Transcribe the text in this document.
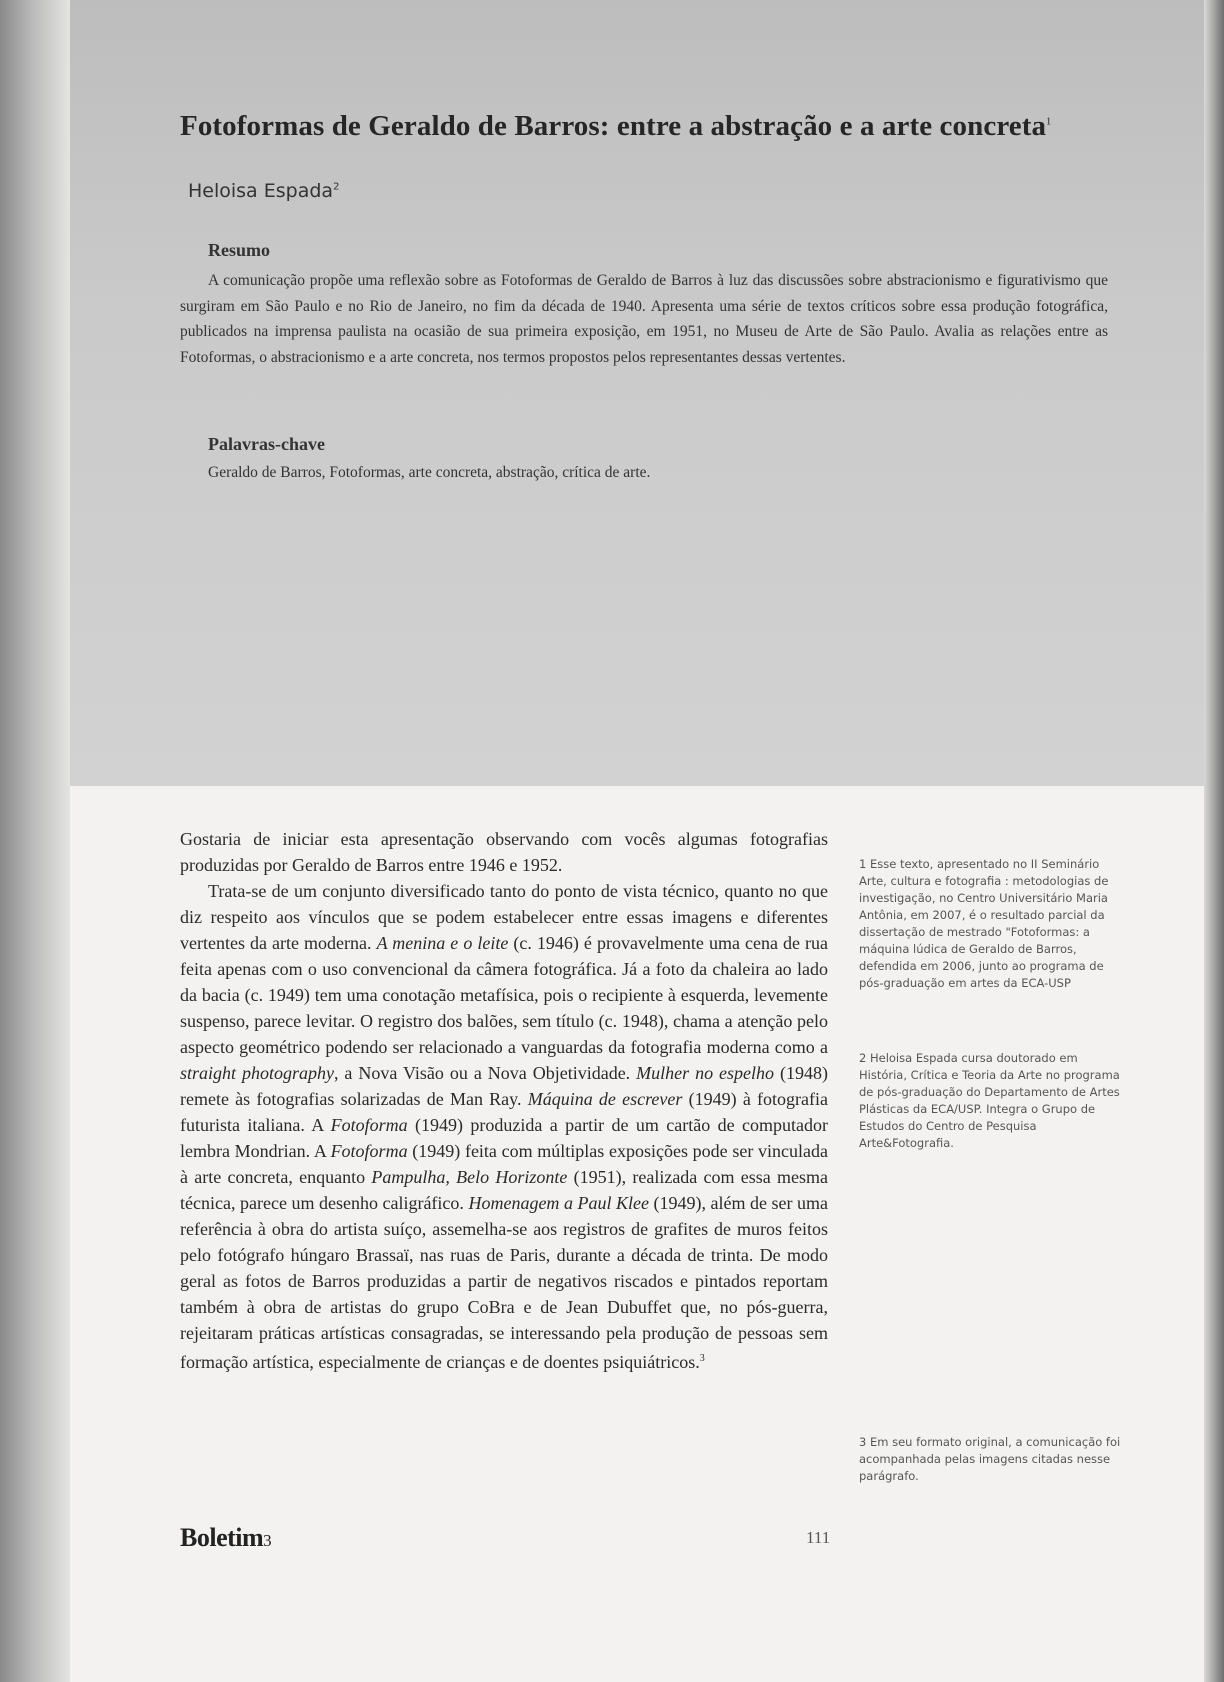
Fotoformas de Geraldo de Barros: entre a abstração e a arte concreta$^1$
Heloisa Espada$^2$
Resumo

A comunicação propõe uma reflexão sobre as Fotoformas de Geraldo de Barros à luz das discussões sobre abstracionismo e figurativismo que surgiram em São Paulo e no Rio de Janeiro, no fim da década de 1940. Apresenta uma série de textos críticos sobre essa produção fotográfica, publicados na imprensa paulista na ocasião de sua primeira exposição, em 1951, no Museu de Arte de São Paulo. Avalia as relações entre as Fotoformas, o abstracionismo e a arte concreta, nos termos propostos pelos representantes dessas vertentes.

Palavras-chave

Geraldo de Barros, Fotoformas, arte concreta, abstração, crítica de arte.

Gostaria de iniciar esta apresentação observando com vocês algumas fotografias produzidas por Geraldo de Barros entre 1946 e 1952.

Trata-se de um conjunto diversificado tanto do ponto de vista técnico, quanto no que diz respeito aos vínculos que se podem estabelecer entre essas imagens e diferentes vertentes da arte moderna. A menina e o leite (c. 1946) é provavelmente uma cena de rua feita apenas com o uso convencional da câmera fotográfica. Já a foto da chaleira ao lado da bacia (c. 1949) tem uma conotação metafísica, pois o recipiente à esquerda, levemente suspenso, parece levitar. O registro dos balões, sem título (c. 1948), chama a atenção pelo aspecto geométrico podendo ser relacionado a vanguardas da fotografia moderna como a straight photography, a Nova Visão ou a Nova Objetividade. Mulher no espelho (1948) remete às fotografias solarizadas de Man Ray. Máquina de escrever (1949) à fotografia futurista italiana. A Fotoforma (1949) produzida a partir de um cartão de computador lembra Mondrian. A Fotoforma (1949) feita com múltiplas exposições pode ser vinculada à arte concreta, enquanto Pampulha, Belo Horizonte (1951), realizada com essa mesma técnica, parece um desenho caligráfico. Homenagem a Paul Klee (1949), além de ser uma referência à obra do artista suíço, assemelha-se aos registros de grafites de muros feitos pelo fotógrafo húngaro Brassaï, nas ruas de Paris, durante a década de trinta. De modo geral as fotos de Barros produzidas a partir de negativos riscados e pintados reportam também à obra de artistas do grupo CoBra e de Jean Dubuffet que, no pós-guerra, rejeitaram práticas artísticas consagradas, se interessando pela produção de pessoas sem formação artística, especialmente de crianças e de doentes psiquiátricos.$^3$

1 Esse texto, apresentado no II Seminário Arte, cultura e fotografia : metodologias de investigação, no Centro Universitário Maria Antônia, em 2007, é o resultado parcial da dissertação de mestrado "Fotoformas: a máquina lúdica de Geraldo de Barros, defendida em 2006, junto ao programa de pós-graduação em artes da ECA-USP

2 Heloisa Espada cursa doutorado em História, Crítica e Teoria da Arte no programa de pós-graduação do Departamento de Artes Plásticas da ECA/USP. Integra o Grupo de Estudos do Centro de Pesquisa Arte&Fotografia.

3 Em seu formato original, a comunicação foi acompanhada pelas imagens citadas nesse parágrafo.

Boletim3	111
